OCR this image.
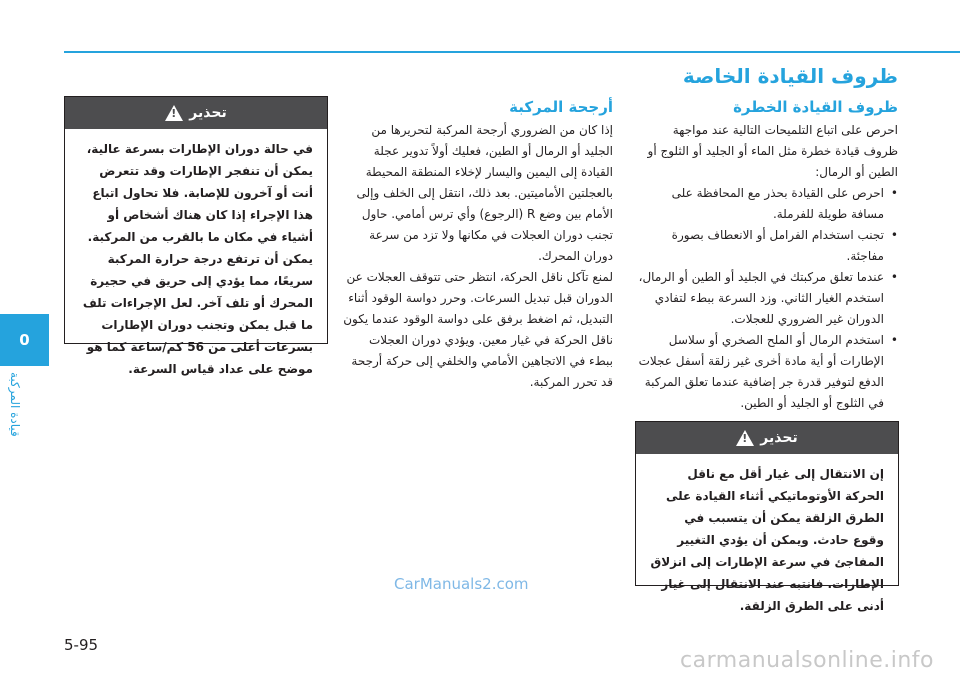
0
قيادة المركبة
ظروف القيادة الخاصة
ظروف القيادة الخطرة

احرص على اتباع التلميحات التالية عند مواجهة ظروف قيادة خطرة مثل الماء أو الجليد أو الثلوج أو الطين أو الرمال:

• احرص على القيادة بحذر مع المحافظة على مسافة طويلة للفرملة.
• تجنب استخدام الفرامل أو الانعطاف بصورة مفاجئة.
• عندما تعلق مركبتك في الجليد أو الطين أو الرمال، استخدم الغيار الثاني. وزد السرعة ببطء لتفادي الدوران غير الضروري للعجلات.
• استخدم الرمال أو الملح الصخري أو سلاسل الإطارات أو أية مادة أخرى غير زلقة أسفل عجلات الدفع لتوفير قدرة جر إضافية عندما تعلق المركبة في الثلوج أو الجليد أو الطين.
تحذير
!
إن الانتقال إلى غيار أقل مع ناقل الحركة الأوتوماتيكي أثناء القيادة على الطرق الزلقة يمكن أن يتسبب في وقوع حادث. ويمكن أن يؤدي التغيير المفاجئ في سرعة الإطارات إلى انزلاق الإطارات. فانتبه عند الانتقال إلى غيار أدنى على الطرق الزلقة.
أرجحة المركبة

إذا كان من الضروري أرجحة المركبة لتحريرها من الجليد أو الرمال أو الطين، فعليك أولاً تدوير عجلة القيادة إلى اليمين واليسار لإخلاء المنطقة المحيطة بالعجلتين الأماميتين. بعد ذلك، انتقل إلى الخلف وإلى الأمام بين وضع R (الرجوع) وأي ترس أمامي. حاول تجنب دوران العجلات في مكانها ولا تزد من سرعة دوران المحرك.

لمنع تآكل ناقل الحركة، انتظر حتى تتوقف العجلات عن الدوران قبل تبديل السرعات. وحرر دواسة الوقود أثناء التبديل، ثم اضغط برفق على دواسة الوقود عندما يكون ناقل الحركة في غيار معين. ويؤدي دوران العجلات ببطء في الاتجاهين الأمامي والخلفي إلى حركة أرجحة قد تحرر المركبة.

تحذير
!
في حالة دوران الإطارات بسرعة عالية، يمكن أن تنفجر الإطارات وقد تتعرض أنت أو آخرون للإصابة. فلا تحاول اتباع هذا الإجراء إذا كان هناك أشخاص أو أشياء في مكان ما بالقرب من المركبة.
يمكن أن ترتفع درجة حرارة المركبة سريعًا، مما يؤدي إلى حريق في حجيرة المحرك أو تلف آخر. لعل الإجراءات تلف ما قبل يمكن وتجنب دوران الإطارات بسرعات أعلى من 56 كم/ساعة كما هو موضح على عداد قياس السرعة.
CarManuals2.com
5-95
carmanualsonline.info
